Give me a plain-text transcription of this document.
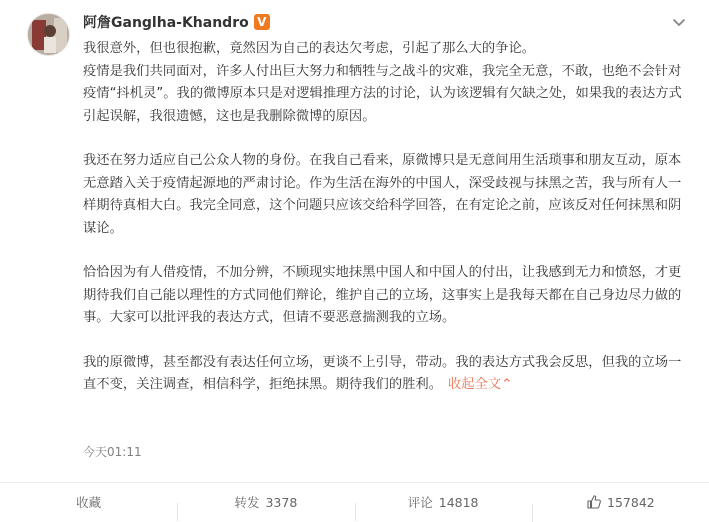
阿詹Ganglha-Khandro V

我很意外，但也很抱歉，竟然因为自己的表达欠考虑，引起了那么大的争论。
疫情是我们共同面对，许多人付出巨大努力和牺牲与之战斗的灾难，我完全无意，不敢，也绝不会针对疫情“抖机灵”。我的微博原本只是对逻辑推理方法的讨论，认为该逻辑有欠缺之处，如果我的表达方式引起误解，我很遗憾，这也是我删除微博的原因。

我还在努力适应自己公众人物的身份。在我自己看来，原微博只是无意间用生活琐事和朋友互动，原本无意踏入关于疫情起源地的严肃讨论。作为生活在海外的中国人，深受歧视与抹黑之苦，我与所有人一样期待真相大白。我完全同意，这个问题只应该交给科学回答，在有定论之前，应该反对任何抹黑和阴谋论。

恰恰因为有人借疫情，不加分辨，不顾现实地抹黑中国人和中国人的付出，让我感到无力和愤怒，才更期待我们自己能以理性的方式同他们辩论，维护自己的立场，这事实上是我每天都在自己身边尽力做的事。大家可以批评我的表达方式，但请不要恶意揣测我的立场。

我的原微博，甚至都没有表达任何立场，更谈不上引导，带动。我的表达方式我会反思，但我的立场一直不变，关注调查，相信科学，拒绝抹黑。期待我们的胜利。 收起全文⌃

今天01:11
收藏	转发 3378	评论 14818	157842
